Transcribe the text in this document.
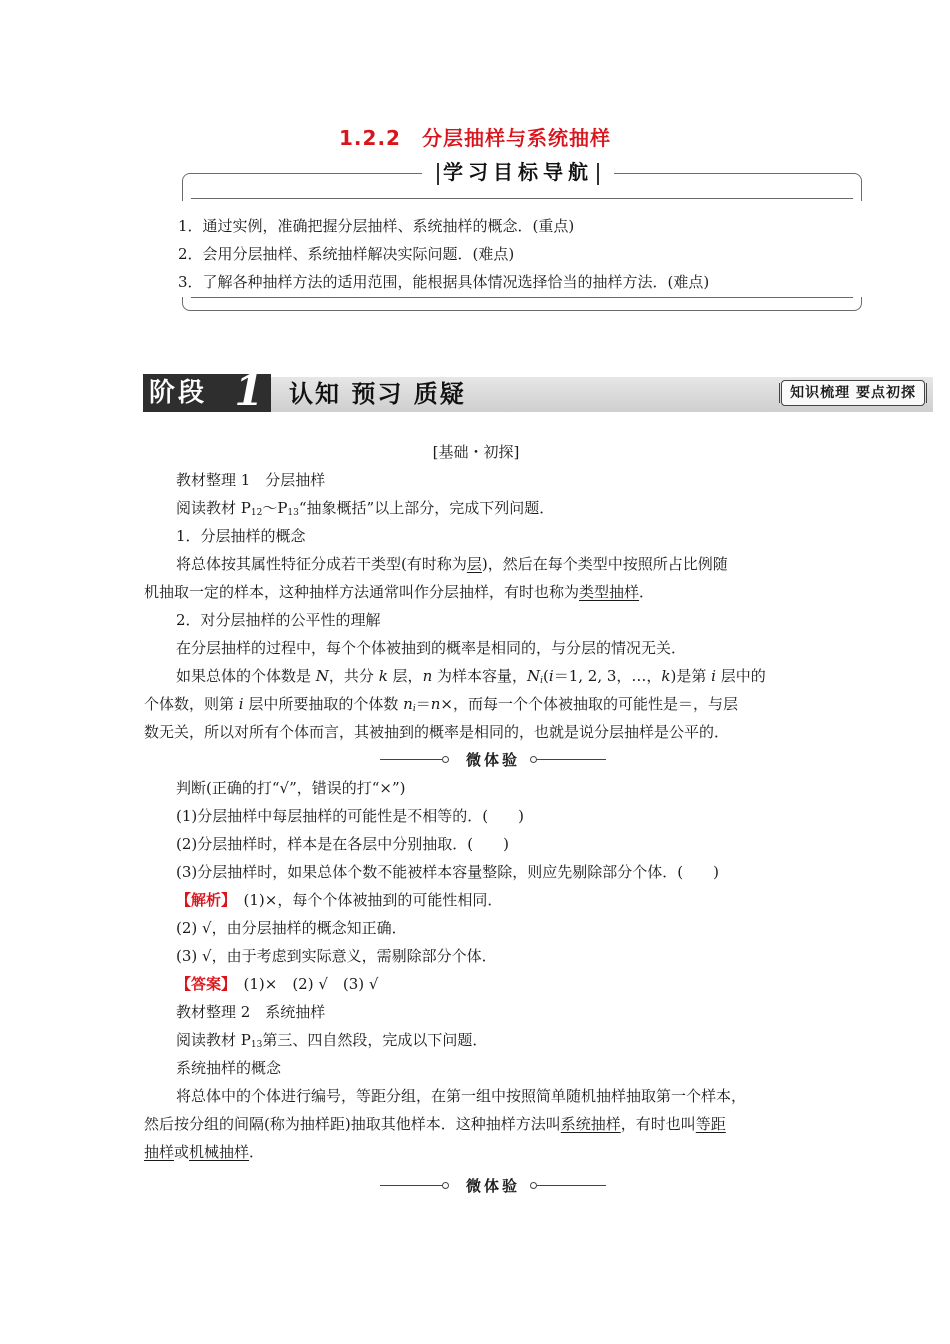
1.2.2　分层抽样与系统抽样
学习目标导航
1．通过实例，准确把握分层抽样、系统抽样的概念．(重点)
2．会用分层抽样、系统抽样解决实际问题．(难点)
3．了解各种抽样方法的适用范围，能根据具体情况选择恰当的抽样方法．(难点)
阶段 1 认知 预习 质疑	知识梳理 要点初探
[基础・初探]
教材整理 1　分层抽样
阅读教材 $P_{12}\sim P_{13}“$抽象概括”以上部分，完成下列问题．
1．分层抽样的概念
将总体按其属性特征分成若干类型(有时称为层)，然后在每个类型中按照所占比例随
机抽取一定的样本，这种抽样方法通常叫作分层抽样，有时也称为类型抽样．
2．对分层抽样的公平性的理解
在分层抽样的过程中，每个个体被抽到的概率是相同的，与分层的情况无关．
如果总体的个体数是 N，共分 k 层，n 为样本容量，$N_i(i=1$, 2, 3，…，k)是第 i 层中的
个体数，则第 i 层中所要抽取的个体数 $n_i=n\times$，而每一个个体被抽取的可能性是＝，与层
数无关，所以对所有个体而言，其被抽到的概率是相同的，也就是说分层抽样是公平的．
微体验
判断(正确的打“√”，错误的打“×”)
(1)分层抽样中每层抽样的可能性是不相等的．(　　)
(2)分层抽样时，样本是在各层中分别抽取．(　　)
(3)分层抽样时，如果总体个数不能被样本容量整除，则应先剔除部分个体．(　　)
【解析】　(1)×，每个个体被抽到的可能性相同．
(2) √，由分层抽样的概念知正确．
(3) √，由于考虑到实际意义，需剔除部分个体．
【答案】　(1)×　(2) √　(3) √
教材整理 2　系统抽样
阅读教材 $P_{13}$第三、四自然段，完成以下问题．
系统抽样的概念
将总体中的个体进行编号，等距分组，在第一组中按照简单随机抽样抽取第一个样本，
然后按分组的间隔(称为抽样距)抽取其他样本．这种抽样方法叫系统抽样，有时也叫等距
抽样或机械抽样．
微体验
